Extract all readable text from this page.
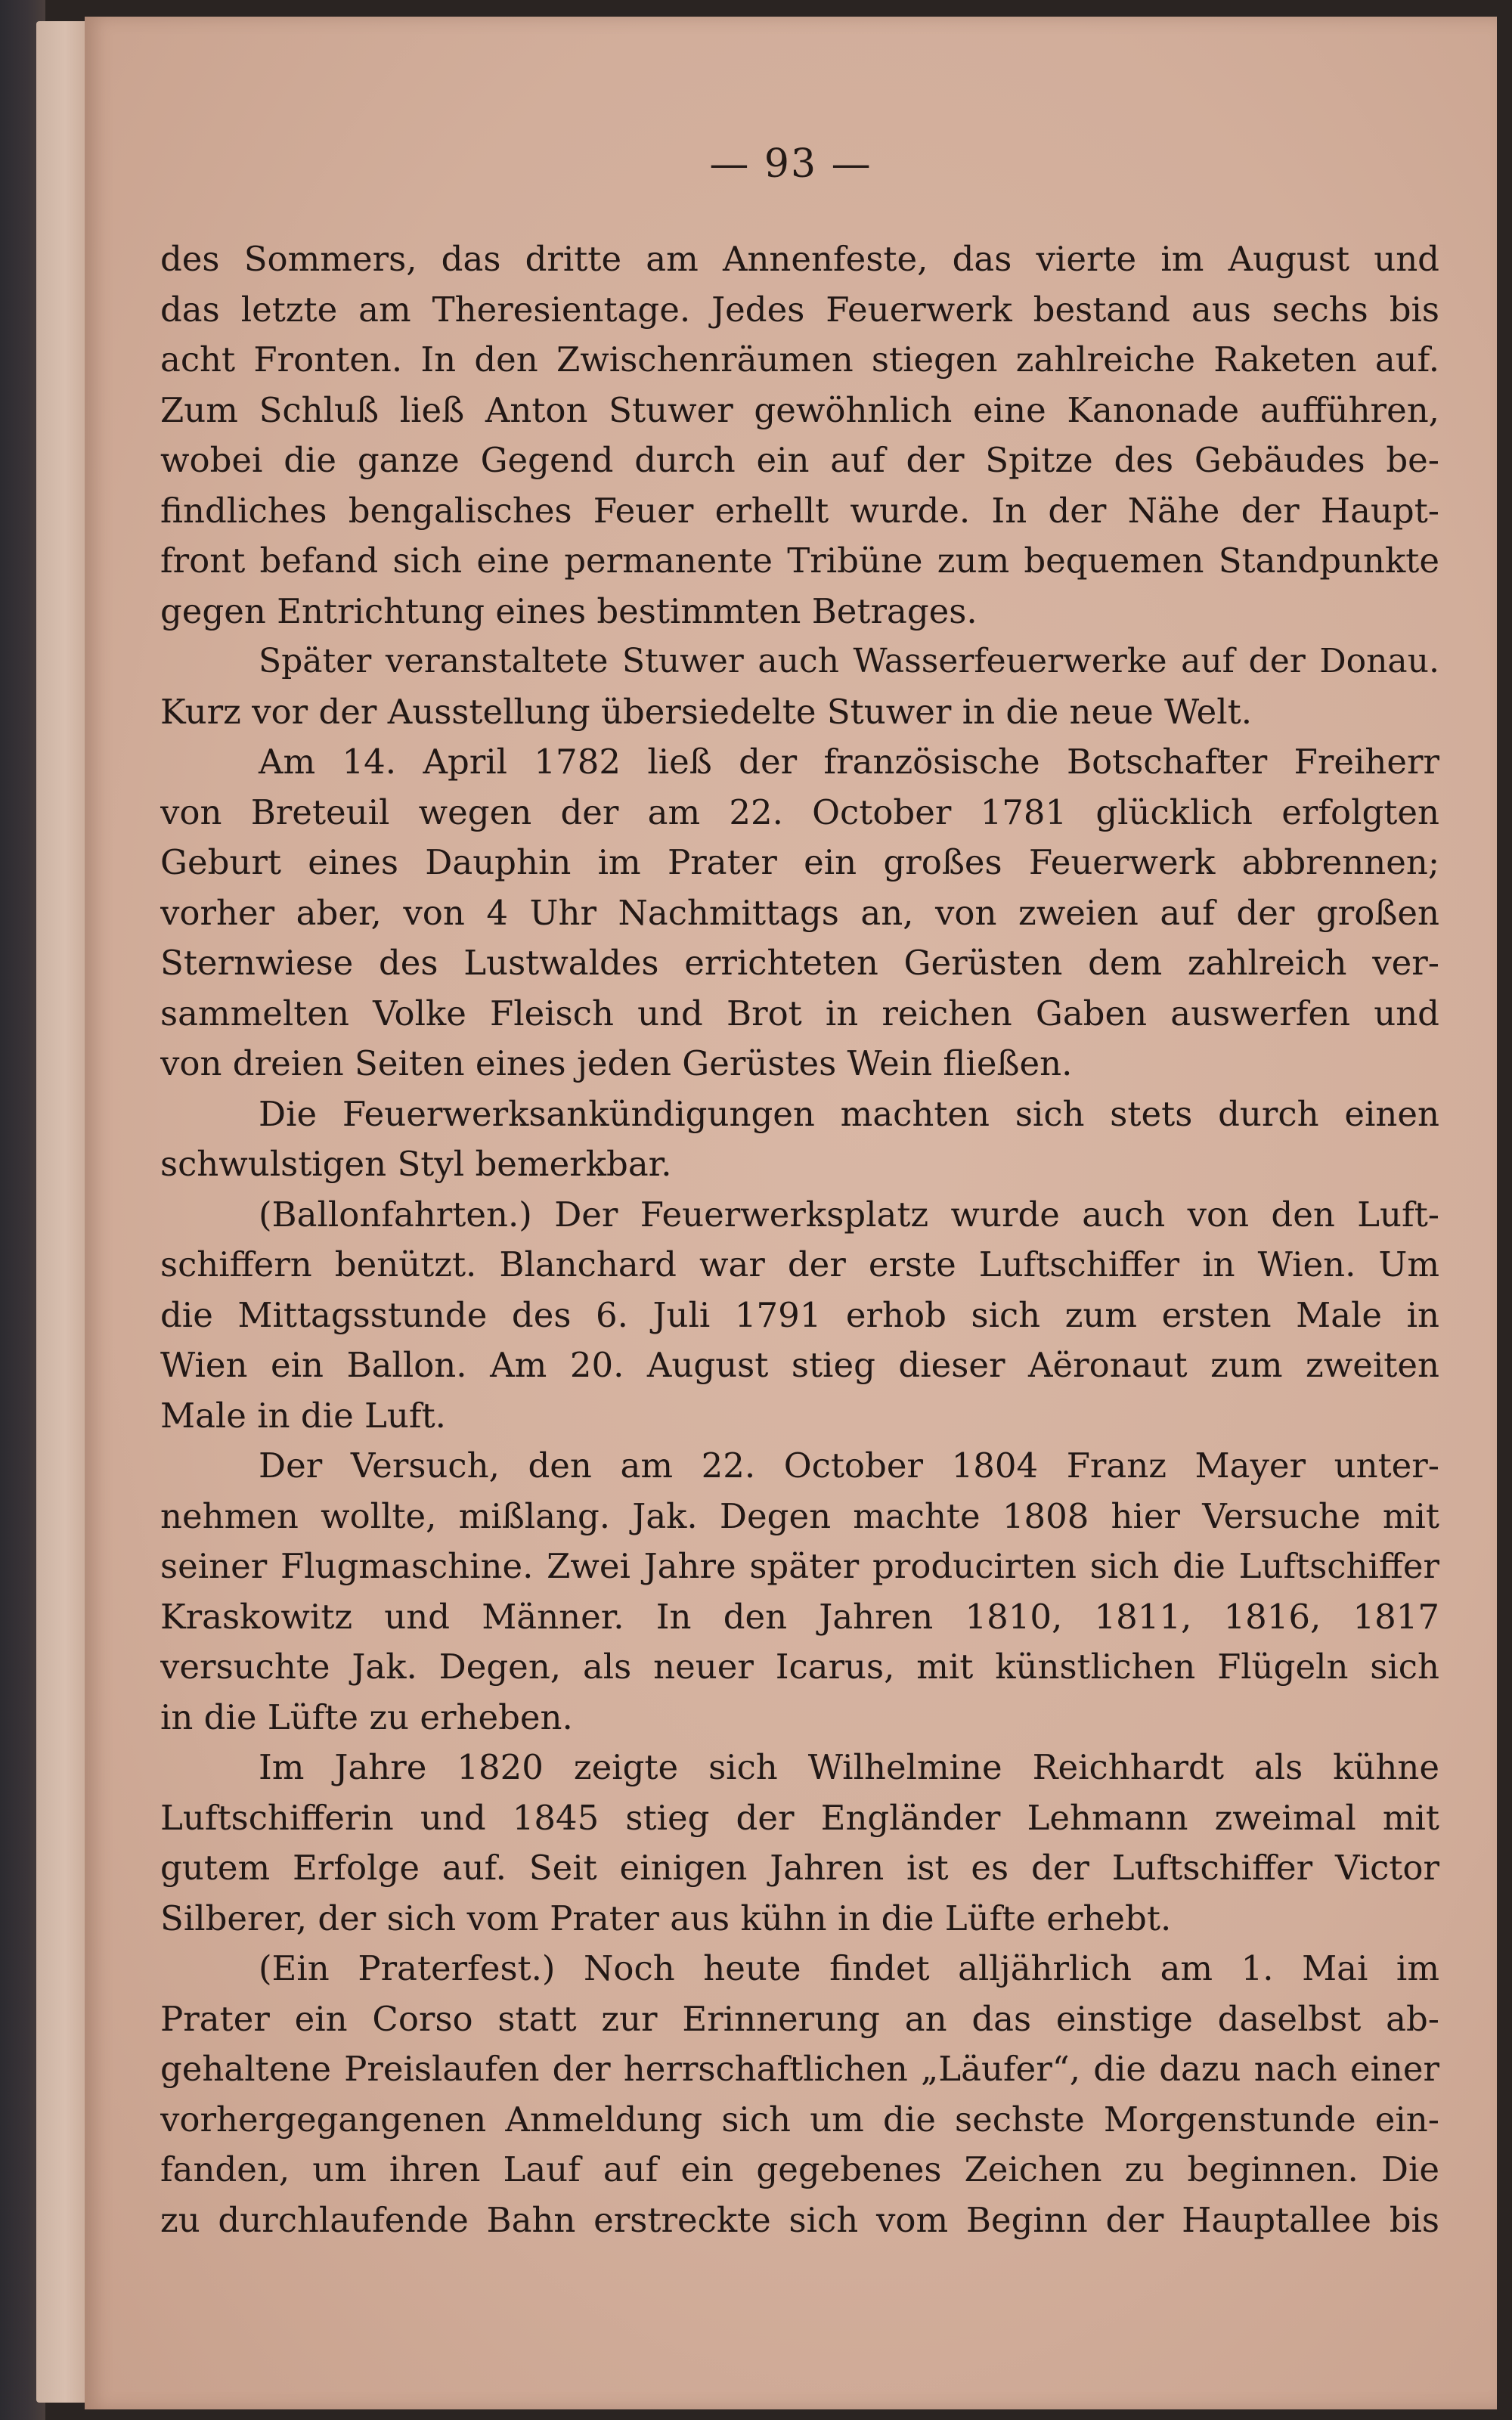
— 93 —
des Sommers, das dritte am Annenfeste, das vierte im August und
das letzte am Theresientage. Jedes Feuerwerk bestand aus sechs bis
acht Fronten. In den Zwischenräumen stiegen zahlreiche Raketen auf.
Zum Schluß ließ Anton Stuwer gewöhnlich eine Kanonade aufführen,
wobei die ganze Gegend durch ein auf der Spitze des Gebäudes be-
findliches bengalisches Feuer erhellt wurde. In der Nähe der Haupt-
front befand sich eine permanente Tribüne zum bequemen Standpunkte
gegen Entrichtung eines bestimmten Betrages.
Später veranstaltete Stuwer auch Wasserfeuerwerke auf der Donau.
Kurz vor der Ausstellung übersiedelte Stuwer in die neue Welt.
Am 14. April 1782 ließ der französische Botschafter Freiherr
von Breteuil wegen der am 22. October 1781 glücklich erfolgten
Geburt eines Dauphin im Prater ein großes Feuerwerk abbrennen;
vorher aber, von 4 Uhr Nachmittags an, von zweien auf der großen
Sternwiese des Lustwaldes errichteten Gerüsten dem zahlreich ver-
sammelten Volke Fleisch und Brot in reichen Gaben auswerfen und
von dreien Seiten eines jeden Gerüstes Wein fließen.
Die Feuerwerksankündigungen machten sich stets durch einen
schwulstigen Styl bemerkbar.
(Ballonfahrten.) Der Feuerwerksplatz wurde auch von den Luft-
schiffern benützt. Blanchard war der erste Luftschiffer in Wien. Um
die Mittagsstunde des 6. Juli 1791 erhob sich zum ersten Male in
Wien ein Ballon. Am 20. August stieg dieser Aëronaut zum zweiten
Male in die Luft.
Der Versuch, den am 22. October 1804 Franz Mayer unter-
nehmen wollte, mißlang. Jak. Degen machte 1808 hier Versuche mit
seiner Flugmaschine. Zwei Jahre später producirten sich die Luftschiffer
Kraskowitz und Männer. In den Jahren 1810, 1811, 1816, 1817
versuchte Jak. Degen, als neuer Icarus, mit künstlichen Flügeln sich
in die Lüfte zu erheben.
Im Jahre 1820 zeigte sich Wilhelmine Reichhardt als kühne
Luftschifferin und 1845 stieg der Engländer Lehmann zweimal mit
gutem Erfolge auf. Seit einigen Jahren ist es der Luftschiffer Victor
Silberer, der sich vom Prater aus kühn in die Lüfte erhebt.
(Ein Praterfest.) Noch heute findet alljährlich am 1. Mai im
Prater ein Corso statt zur Erinnerung an das einstige daselbst ab-
gehaltene Preislaufen der herrschaftlichen „Läufer“, die dazu nach einer
vorhergegangenen Anmeldung sich um die sechste Morgenstunde ein-
fanden, um ihren Lauf auf ein gegebenes Zeichen zu beginnen. Die
zu durchlaufende Bahn erstreckte sich vom Beginn der Hauptallee bis
